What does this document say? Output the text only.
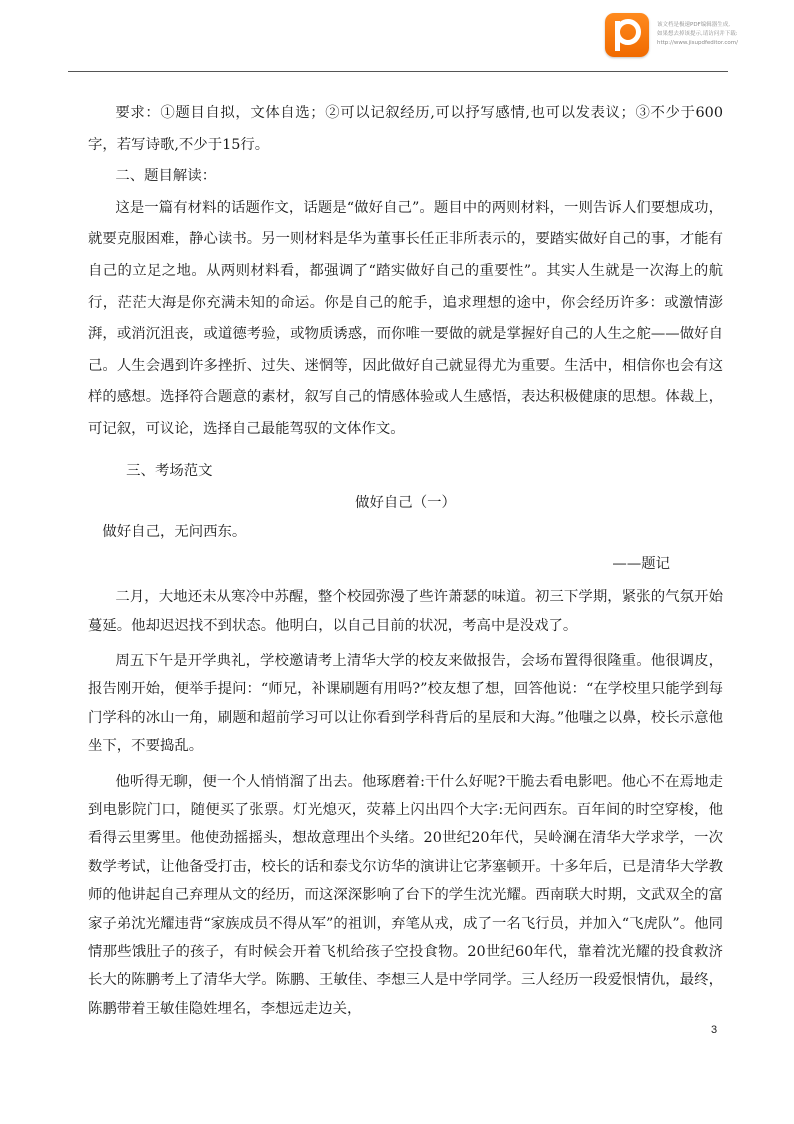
该文档是极速PDF编辑器生成,
如果想去掉该提示,请访问并下载:
http://www.jisupdfeditor.com/

要求：①题目自拟，文体自选；②可以记叙经历,可以抒写感情,也可以发表议；③不少于600字，若写诗歌,不少于15行。

二、题目解读：

这是一篇有材料的话题作文，话题是“做好自己”。题目中的两则材料，一则告诉人们要想成功，就要克服困难，静心读书。另一则材料是华为董事长任正非所表示的，要踏实做好自己的事，才能有自己的立足之地。从两则材料看，都强调了“踏实做好自己的重要性”。其实人生就是一次海上的航行，茫茫大海是你充满未知的命运。你是自己的舵手，追求理想的途中，你会经历许多：或激情澎湃，或消沉沮丧，或道德考验，或物质诱惑，而你唯一要做的就是掌握好自己的人生之舵——做好自己。人生会遇到许多挫折、过失、迷惘等，因此做好自己就显得尤为重要。生活中，相信你也会有这样的感想。选择符合题意的素材，叙写自己的情感体验或人生感悟，表达积极健康的思想。体裁上，可记叙，可议论，选择自己最能驾驭的文体作文。

三、考场范文

做好自己（一）

做好自己，无问西东。

——题记

二月，大地还未从寒冷中苏醒，整个校园弥漫了些许萧瑟的味道。初三下学期，紧张的气氛开始蔓延。他却迟迟找不到状态。他明白，以自己目前的状况，考高中是没戏了。

周五下午是开学典礼，学校邀请考上清华大学的校友来做报告，会场布置得很隆重。他很调皮，报告刚开始，便举手提问：“师兄，补课刷题有用吗?”校友想了想，回答他说：“在学校里只能学到每门学科的冰山一角，刷题和超前学习可以让你看到学科背后的星辰和大海。”他嗤之以鼻，校长示意他坐下，不要捣乱。

他听得无聊，便一个人悄悄溜了出去。他琢磨着:干什么好呢?干脆去看电影吧。他心不在焉地走到电影院门口，随便买了张票。灯光熄灭，荧幕上闪出四个大字:无问西东。百年间的时空穿梭，他看得云里雾里。他使劲摇摇头，想故意理出个头绪。20世纪20年代，吴岭澜在清华大学求学，一次数学考试，让他备受打击，校长的话和泰戈尔访华的演讲让它茅塞顿开。十多年后，已是清华大学教师的他讲起自己弃理从文的经历，而这深深影响了台下的学生沈光耀。西南联大时期，文武双全的富家子弟沈光耀违背“家族成员不得从军”的祖训，弃笔从戎，成了一名飞行员，并加入“飞虎队”。他同情那些饿肚子的孩子，有时候会开着飞机给孩子空投食物。20世纪60年代，靠着沈光耀的投食救济长大的陈鹏考上了清华大学。陈鹏、王敏佳、李想三人是中学同学。三人经历一段爱恨情仇，最终，陈鹏带着王敏佳隐姓埋名，李想远走边关，

3
